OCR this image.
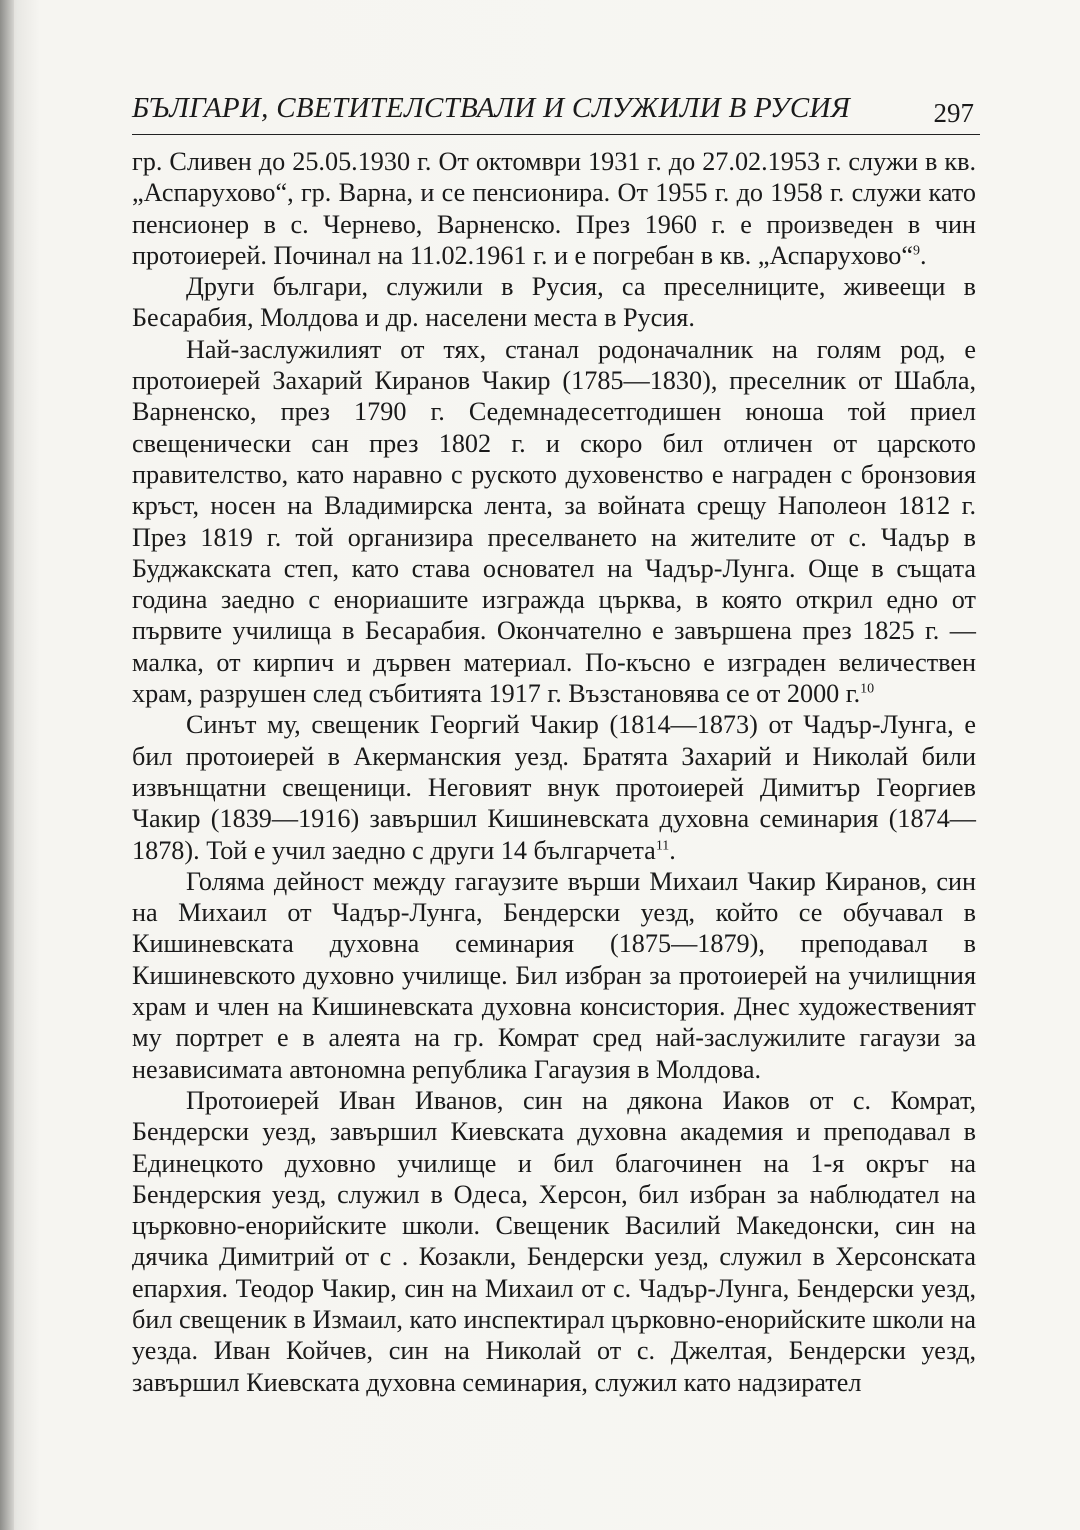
БЪЛГАРИ, СВЕТИТЕЛСТВАЛИ И СЛУЖИЛИ В РУСИЯ	297

гр. Сливен до 25.05.1930 г. От октомври 1931 г. до 27.02.1953 г. служи в кв. „Аспарухово“, гр. Варна, и се пенсионира. От 1955 г. до 1958 г. служи като пенсионер в с. Чернево, Варненско. През 1960 г. е произведен в чин протоиерей. Починал на 11.02.1961 г. и е погребан в кв. „Аспарухово“$^9$.

Други българи, служили в Русия, са преселниците, живеещи в Бесарабия, Молдова и др. населени места в Русия.

Най-заслужилият от тях, станал родоначалник на голям род, е протоиерей Захарий Киранов Чакир (1785—1830), преселник от Шабла, Варненско, през 1790 г. Седемнадесетгодишен юноша той приел свещенически сан през 1802 г. и скоро бил отличен от царското правителство, като наравно с руското духовенство е награден с бронзовия кръст, носен на Владимирска лента, за войната срещу Наполеон 1812 г. През 1819 г. той организира преселването на жителите от с. Чадър в Буджакската степ, като става основател на Чадър-Лунга. Още в същата година заедно с енориашите изгражда църква, в която открил едно от първите училища в Бесарабия. Окончателно е завършена през 1825 г. — малка, от кирпич и дървен материал. По-късно е изграден величествен храм, разрушен след събитията 1917 г. Възстановява се от 2000 г.$^{10}$

Синът му, свещеник Георгий Чакир (1814—1873) от Чадър-Лунга, е бил протоиерей в Акерманския уезд. Братята Захарий и Николай били извънщатни свещеници. Неговият внук протоиерей Димитър Георгиев Чакир (1839—1916) завършил Кишиневската духовна семинария (1874—1878). Той е учил заедно с други 14 българчета$^{11}$.

Голяма дейност между гагаузите върши Михаил Чакир Киранов, син на Михаил от Чадър-Лунга, Бендерски уезд, който се обучавал в Кишиневската духовна семинария (1875—1879), преподавал в Кишиневското духовно училище. Бил избран за протоиерей на училищния храм и член на Кишиневската духовна консистория. Днес художественият му портрет е в алеята на гр. Комрат сред най-заслужилите гагаузи за независимата автономна република Гагаузия в Молдова.

Протоиерей Иван Иванов, син на дякона Иаков от с. Комрат, Бендерски уезд, завършил Киевската духовна академия и преподавал в Единецкото духовно училище и бил благочинен на 1-я окръг на Бендерския уезд, служил в Одеса, Херсон, бил избран за наблюдател на църковно-енорийските школи. Свещеник Василий Македонски, син на дячика Димитрий от с . Козакли, Бендерски уезд, служил в Херсонската епархия. Теодор Чакир, син на Михаил от с. Чадър-Лунга, Бендерски уезд, бил свещеник в Измаил, като инспектирал църковно-енорийските школи на уезда. Иван Койчев, син на Николай от с. Джелтая, Бендерски уезд, завършил Киевската духовна семинария, служил като надзирател
